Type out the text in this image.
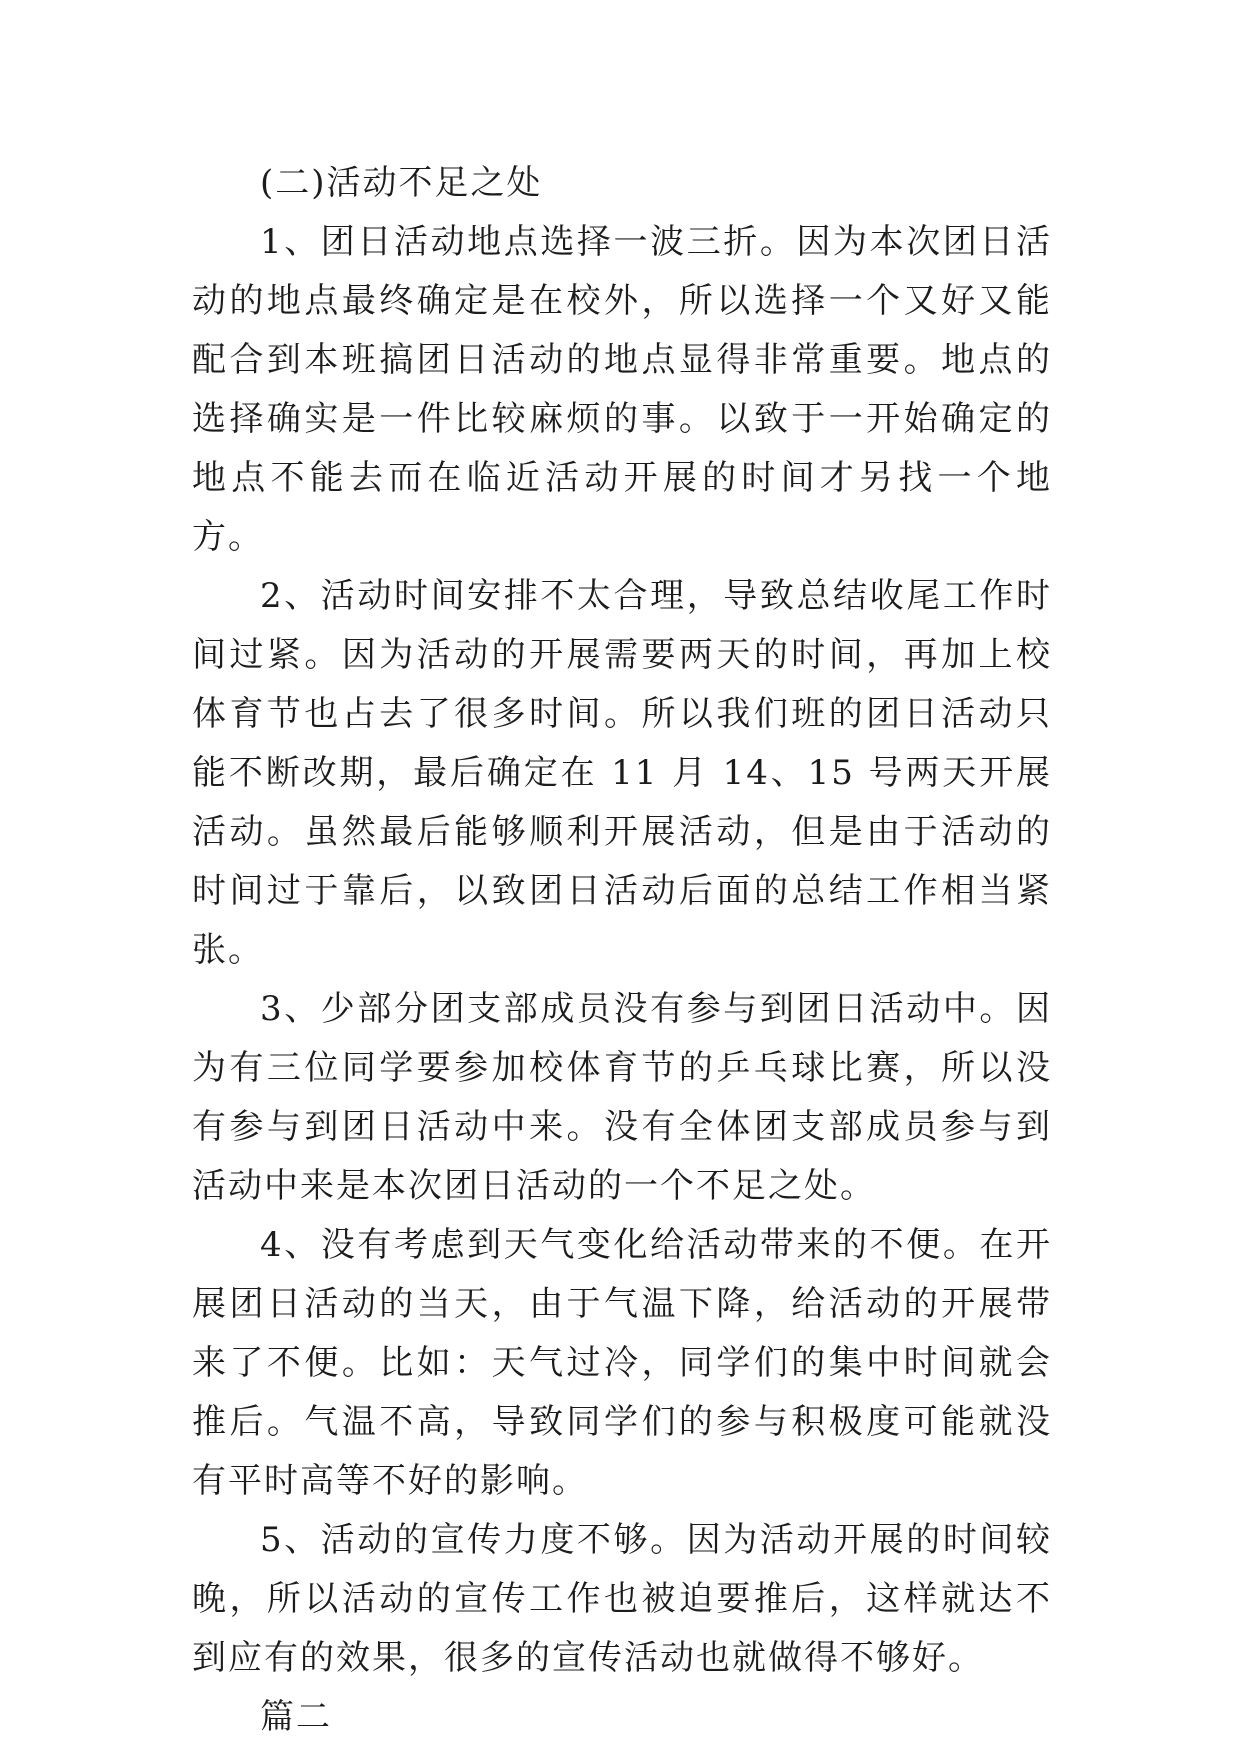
(二)活动不足之处

1、团日活动地点选择一波三折。因为本次团日活动的地点最终确定是在校外，所以选择一个又好又能配合到本班搞团日活动的地点显得非常重要。地点的选择确实是一件比较麻烦的事。以致于一开始确定的地点不能去而在临近活动开展的时间才另找一个地方。

2、活动时间安排不太合理，导致总结收尾工作时间过紧。因为活动的开展需要两天的时间，再加上校体育节也占去了很多时间。所以我们班的团日活动只能不断改期，最后确定在 11 月 14、15 号两天开展活动。虽然最后能够顺利开展活动，但是由于活动的时间过于靠后，以致团日活动后面的总结工作相当紧张。

3、少部分团支部成员没有参与到团日活动中。因为有三位同学要参加校体育节的乒乓球比赛，所以没有参与到团日活动中来。没有全体团支部成员参与到活动中来是本次团日活动的一个不足之处。

4、没有考虑到天气变化给活动带来的不便。在开展团日活动的当天，由于气温下降，给活动的开展带来了不便。比如：天气过冷，同学们的集中时间就会推后。气温不高，导致同学们的参与积极度可能就没有平时高等不好的影响。

5、活动的宣传力度不够。因为活动开展的时间较晚，所以活动的宣传工作也被迫要推后，这样就达不到应有的效果，很多的宣传活动也就做得不够好。

篇二
